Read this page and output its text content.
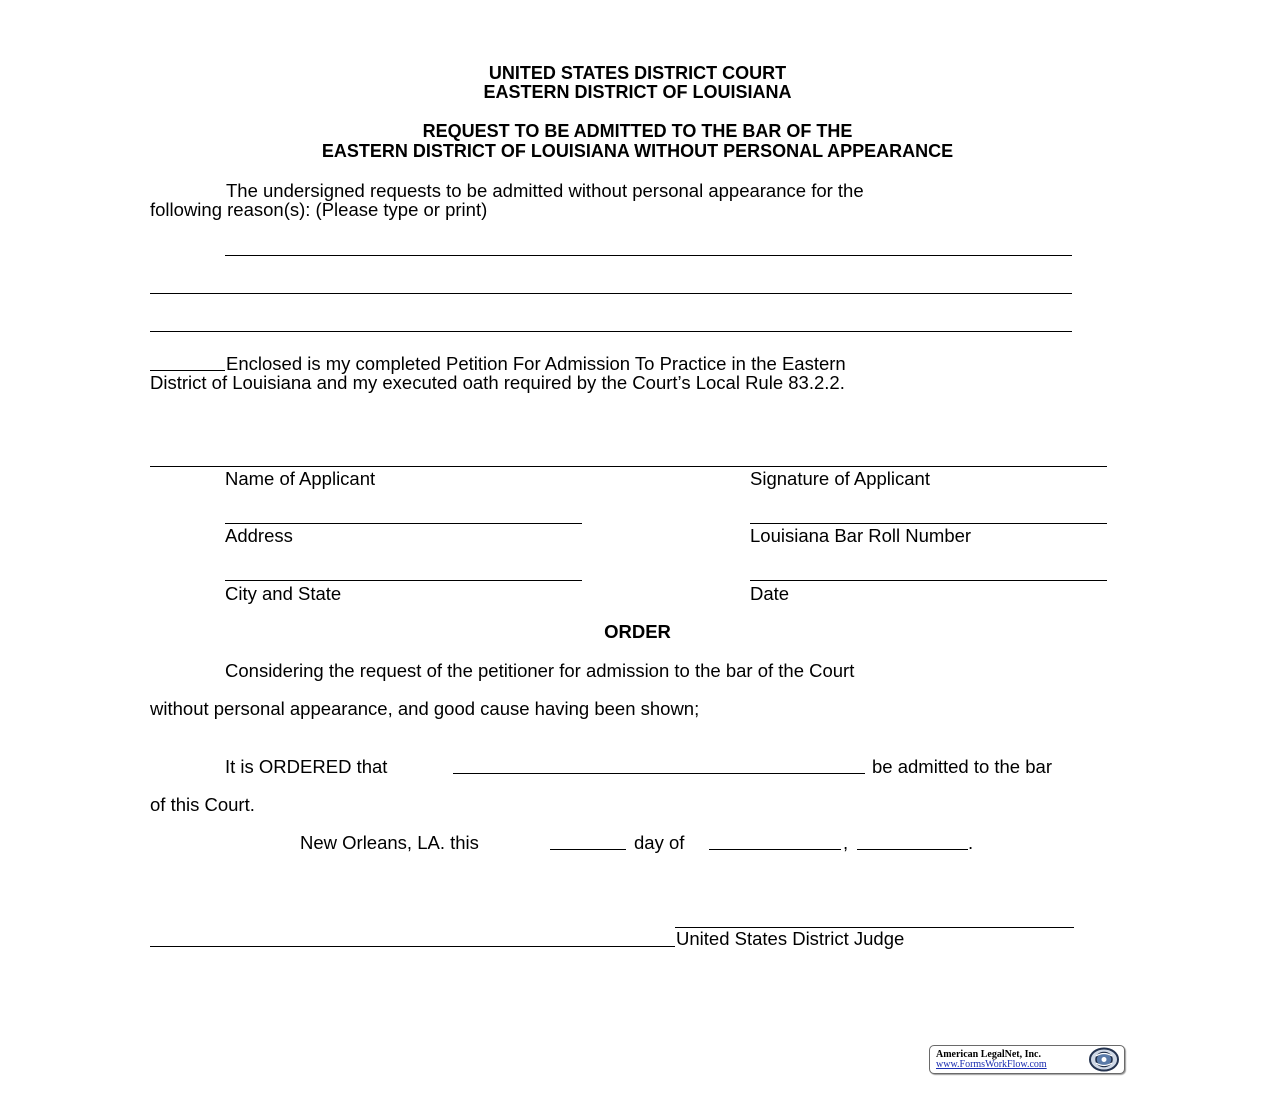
UNITED STATES DISTRICT COURT
EASTERN DISTRICT OF LOUISIANA
REQUEST TO BE ADMITTED TO THE BAR OF THE
EASTERN DISTRICT OF LOUISIANA WITHOUT PERSONAL APPEARANCE
The undersigned requests to be admitted without personal appearance for the
following reason(s): (Please type or print)
Enclosed is my completed Petition For Admission To Practice in the Eastern
District of Louisiana and my executed oath required by the Court’s Local Rule 83.2.2.
Name of Applicant	Signature of Applicant
Address	Louisiana Bar Roll Number
City and State	Date
ORDER
Considering the request of the petitioner for admission to the bar of the Court
without personal appearance, and good cause having been shown;
It is ORDERED that	be admitted to the bar
of this Court.
New Orleans, LA. this	day of	,	.
United States District Judge
American LegalNet, Inc.
www.FormsWorkFlow.com
